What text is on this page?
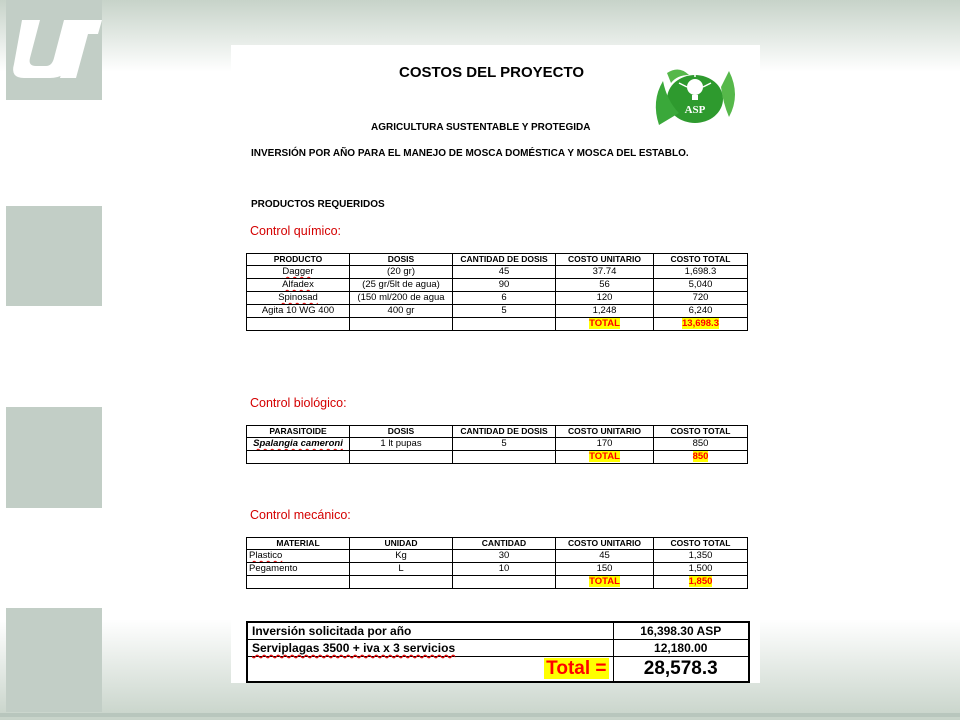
COSTOS DEL PROYECTO
ASP
AGRICULTURA SUSTENTABLE Y PROTEGIDA
INVERSIÓN POR AÑO PARA EL MANEJO DE MOSCA DOMÉSTICA Y MOSCA DEL ESTABLO.
PRODUCTOS REQUERIDOS
Control químico:
PRODUCTO	DOSIS	CANTIDAD DE DOSIS	COSTO UNITARIO	COSTO TOTAL
Dagger	(20 gr)	45	37.74	1,698.3
Alfadex	(25 gr/5lt de agua)	90	56	5,040
Spinosad	(150 ml/200 de agua	6	120	720
Agita 10 WG 400	400 gr	5	1,248	6,240
			TOTAL	13,698.3
Control biológico:
PARASITOIDE	DOSIS	CANTIDAD DE DOSIS	COSTO UNITARIO	COSTO TOTAL
Spalangia cameroni	1 lt pupas	5	170	850
			TOTAL	850
Control mecánico:
MATERIAL	UNIDAD	CANTIDAD	COSTO UNITARIO	COSTO TOTAL
Plastico	Kg	30	45	1,350
Pegamento	L	10	150	1,500
			TOTAL	1,850
Inversión solicitada por año	16,398.30 ASP
Serviplagas 3500 + iva x 3 servicios	12,180.00
Total =	28,578.3
